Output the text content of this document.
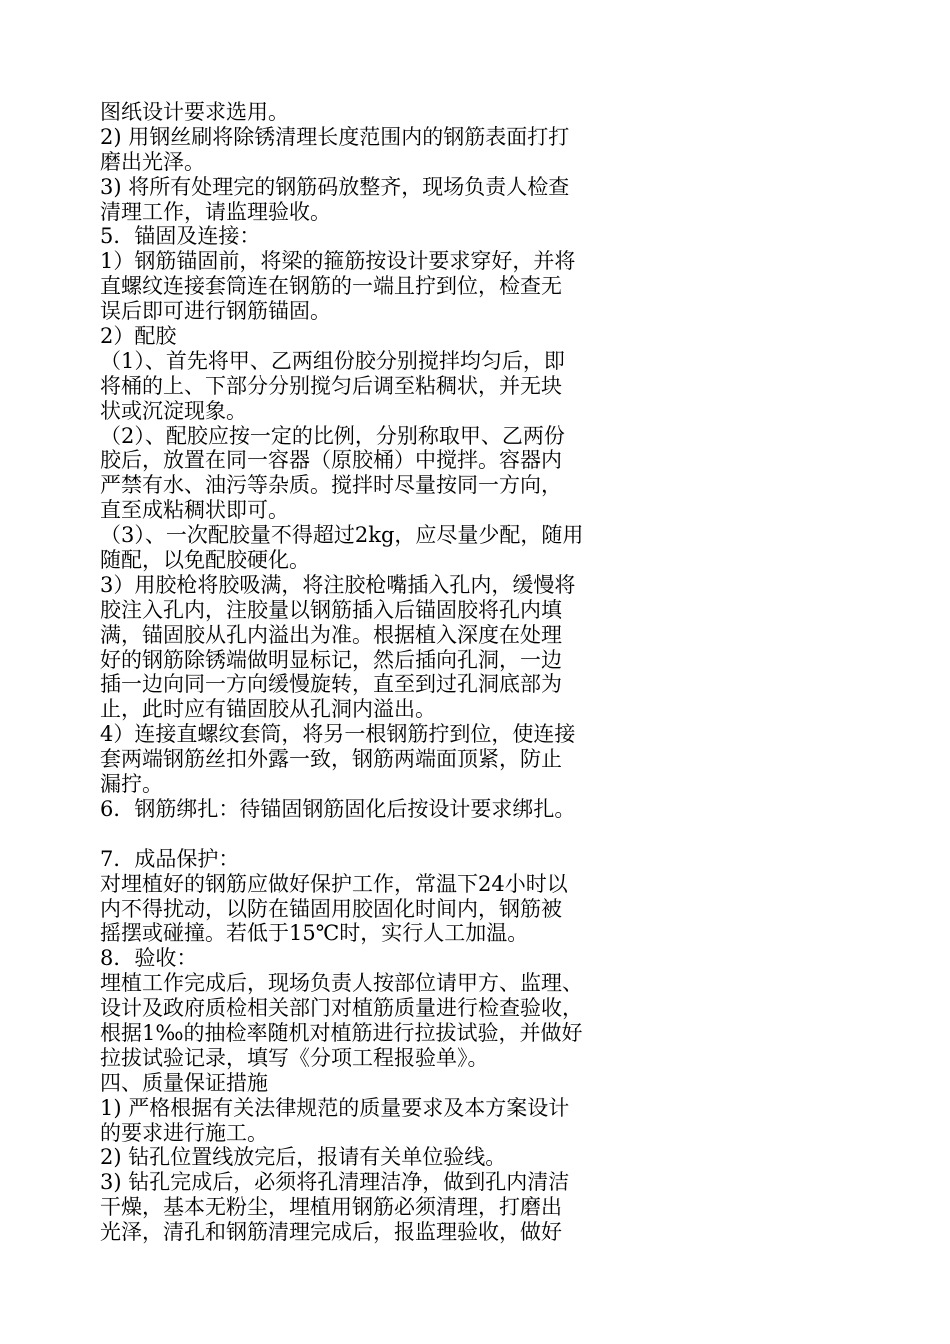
图纸设计要求选用。
2) 用钢丝刷将除锈清理长度范围内的钢筋表面打打
磨出光泽。
3) 将所有处理完的钢筋码放整齐，现场负责人检查
清理工作，请监理验收。
5．锚固及连接：
1）钢筋锚固前，将梁的箍筋按设计要求穿好，并将
直螺纹连接套筒连在钢筋的一端且拧到位，检查无
误后即可进行钢筋锚固。
2）配胶
（1）、首先将甲、乙两组份胶分别搅拌均匀后，即
将桶的上、下部分分别搅匀后调至粘稠状，并无块
状或沉淀现象。
（2）、配胶应按一定的比例，分别称取甲、乙两份
胶后，放置在同一容器（原胶桶）中搅拌。容器内
严禁有水、油污等杂质。搅拌时尽量按同一方向，
直至成粘稠状即可。
（3）、一次配胶量不得超过2kg，应尽量少配，随用
随配，以免配胶硬化。
3）用胶枪将胶吸满，将注胶枪嘴插入孔内，缓慢将
胶注入孔内，注胶量以钢筋插入后锚固胶将孔内填
满，锚固胶从孔内溢出为准。根据植入深度在处理
好的钢筋除锈端做明显标记，然后插向孔洞，一边
插一边向同一方向缓慢旋转，直至到过孔洞底部为
止，此时应有锚固胶从孔洞内溢出。
4）连接直螺纹套筒，将另一根钢筋拧到位，使连接
套两端钢筋丝扣外露一致，钢筋两端面顶紧，防止
漏拧。
6．钢筋绑扎：待锚固钢筋固化后按设计要求绑扎。
7．成品保护：
对埋植好的钢筋应做好保护工作，常温下24小时以
内不得扰动，以防在锚固用胶固化时间内，钢筋被
摇摆或碰撞。若低于15℃时，实行人工加温。
8．验收：
埋植工作完成后，现场负责人按部位请甲方、监理、
设计及政府质检相关部门对植筋质量进行检查验收，
根据1‰的抽检率随机对植筋进行拉拔试验，并做好
拉拔试验记录，填写《分项工程报验单》。
四、质量保证措施
1) 严格根据有关法律规范的质量要求及本方案设计
的要求进行施工。
2) 钻孔位置线放完后，报请有关单位验线。
3) 钻孔完成后，必须将孔清理洁净，做到孔内清洁
干燥，基本无粉尘，埋植用钢筋必须清理，打磨出
光泽，清孔和钢筋清理完成后，报监理验收，做好
